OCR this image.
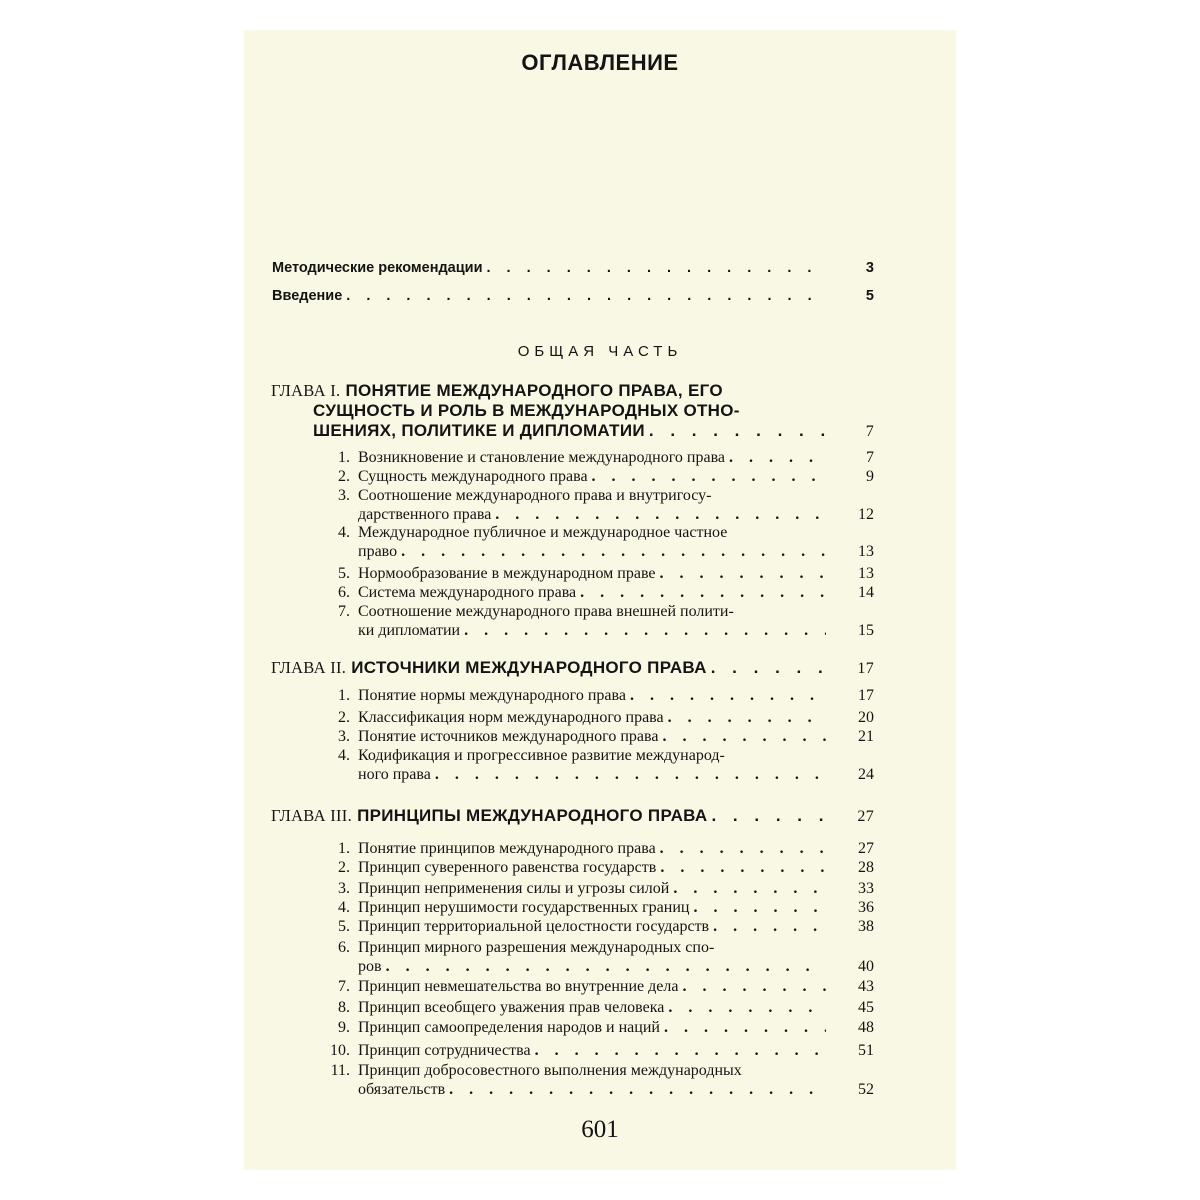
ОГЛАВЛЕНИЕ
Методические рекомендации . . .	3
Введение . . .	5
ОБЩАЯ ЧАСТЬ
ГЛАВА I. ПОНЯТИЕ МЕЖДУНАРОДНОГО ПРАВА, ЕГО
СУЩНОСТЬ И РОЛЬ В МЕЖДУНАРОДНЫХ ОТНО-
ШЕНИЯХ, ПОЛИТИКЕ И ДИПЛОМАТИИ . . .	7
1. Возникновение и становление международного права . . .	7
2. Сущность международного права . . .	9
3. Соотношение международного права и внутригосу-
дарственного права . . .	12
4. Международное публичное и международное частное
право . . .	13
5. Нормообразование в международном праве . . .	13
6. Система международного права . . .	14
7. Соотношение международного права внешней полити-
ки дипломатии . . .	15
ГЛАВА II. ИСТОЧНИКИ МЕЖДУНАРОДНОГО ПРАВА . . .	17
1. Понятие нормы международного права . . .	17
2. Классификация норм международного права . . .	20
3. Понятие источников международного права . . .	21
4. Кодификация и прогрессивное развитие международ-
ного права . . .	24
ГЛАВА III. ПРИНЦИПЫ МЕЖДУНАРОДНОГО ПРАВА . . .	27
1. Понятие принципов международного права . . .	27
2. Принцип суверенного равенства государств . . .	28
3. Принцип неприменения силы и угрозы силой . . .	33
4. Принцип нерушимости государственных границ . . .	36
5. Принцип территориальной целостности государств . . .	38
6. Принцип мирного разрешения международных спо-
ров . . .	40
7. Принцип невмешательства во внутренние дела . . .	43
8. Принцип всеобщего уважения прав человека . . .	45
9. Принцип самоопределения народов и наций . . .	48
10. Принцип сотрудничества . . .	51
11. Принцип добросовестного выполнения международных
обязательств . . .	52
601
